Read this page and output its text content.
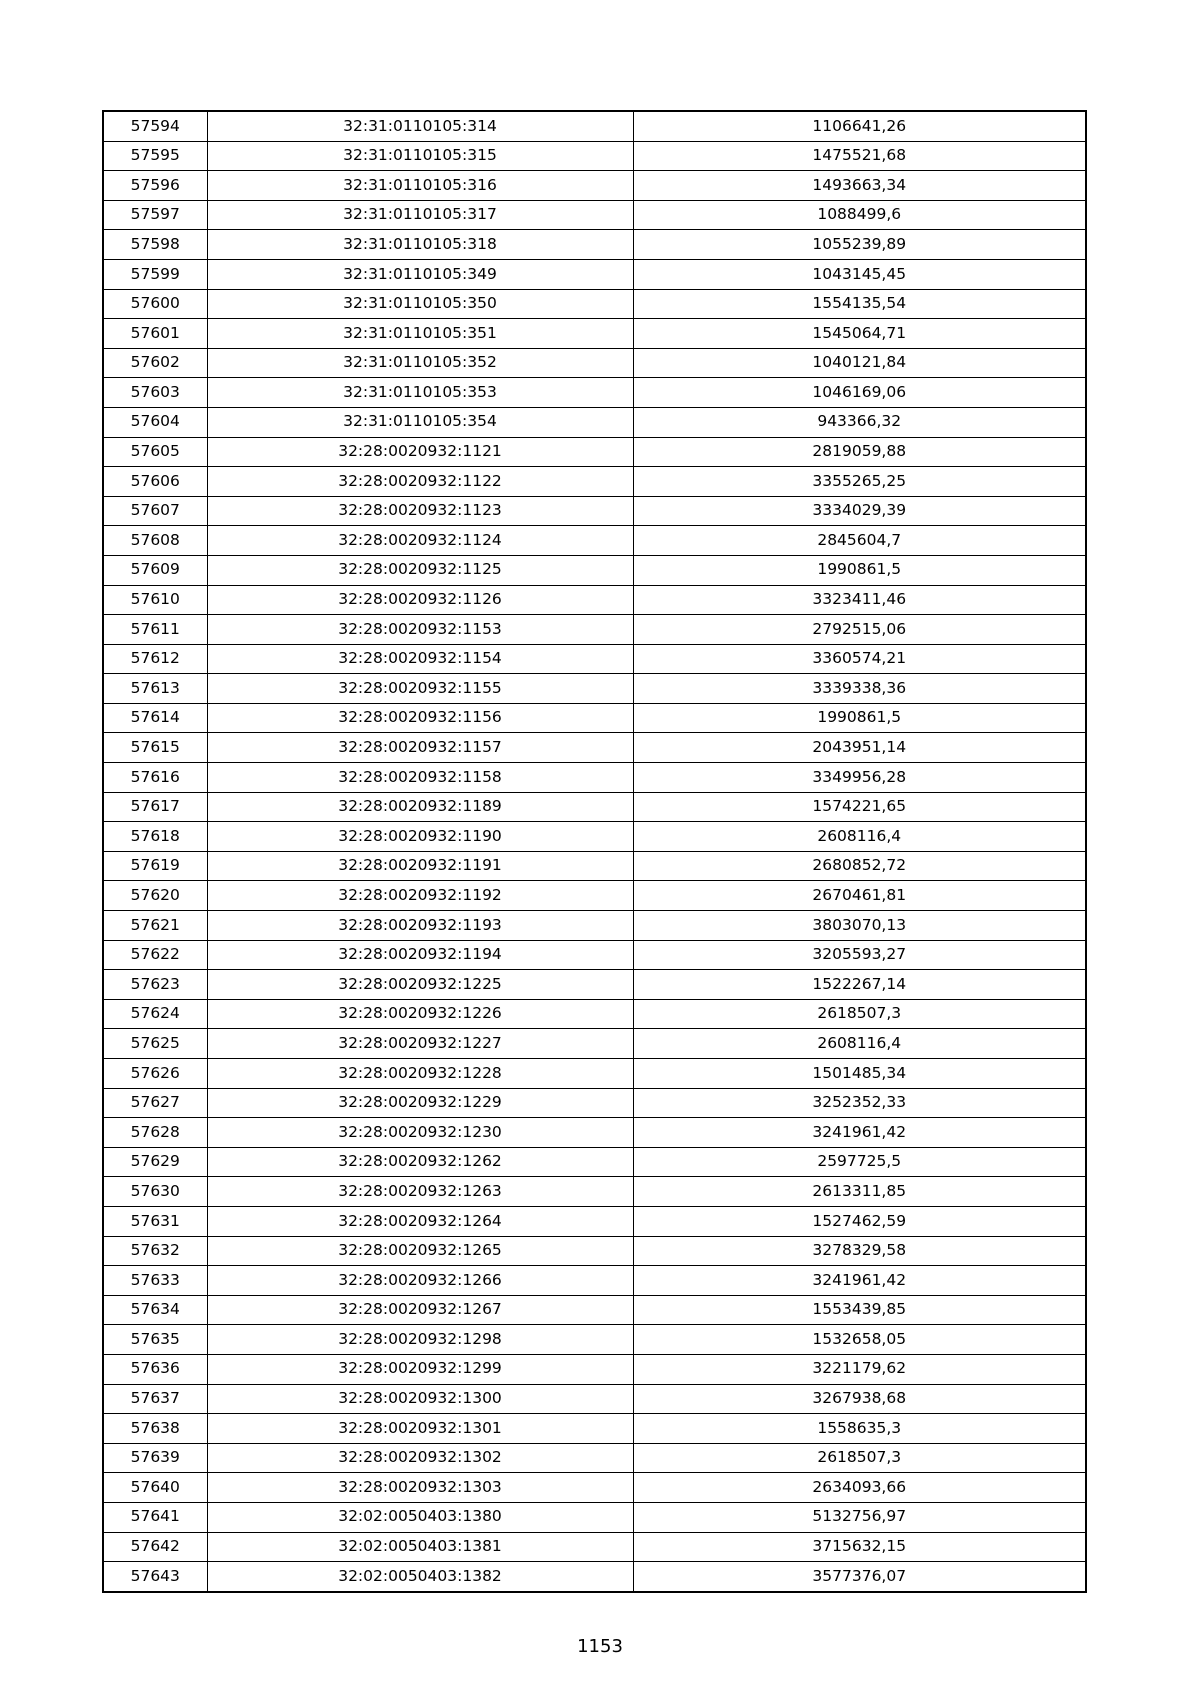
57594	32:31:0110105:314	1106641,26
57595	32:31:0110105:315	1475521,68
57596	32:31:0110105:316	1493663,34
57597	32:31:0110105:317	1088499,6
57598	32:31:0110105:318	1055239,89
57599	32:31:0110105:349	1043145,45
57600	32:31:0110105:350	1554135,54
57601	32:31:0110105:351	1545064,71
57602	32:31:0110105:352	1040121,84
57603	32:31:0110105:353	1046169,06
57604	32:31:0110105:354	943366,32
57605	32:28:0020932:1121	2819059,88
57606	32:28:0020932:1122	3355265,25
57607	32:28:0020932:1123	3334029,39
57608	32:28:0020932:1124	2845604,7
57609	32:28:0020932:1125	1990861,5
57610	32:28:0020932:1126	3323411,46
57611	32:28:0020932:1153	2792515,06
57612	32:28:0020932:1154	3360574,21
57613	32:28:0020932:1155	3339338,36
57614	32:28:0020932:1156	1990861,5
57615	32:28:0020932:1157	2043951,14
57616	32:28:0020932:1158	3349956,28
57617	32:28:0020932:1189	1574221,65
57618	32:28:0020932:1190	2608116,4
57619	32:28:0020932:1191	2680852,72
57620	32:28:0020932:1192	2670461,81
57621	32:28:0020932:1193	3803070,13
57622	32:28:0020932:1194	3205593,27
57623	32:28:0020932:1225	1522267,14
57624	32:28:0020932:1226	2618507,3
57625	32:28:0020932:1227	2608116,4
57626	32:28:0020932:1228	1501485,34
57627	32:28:0020932:1229	3252352,33
57628	32:28:0020932:1230	3241961,42
57629	32:28:0020932:1262	2597725,5
57630	32:28:0020932:1263	2613311,85
57631	32:28:0020932:1264	1527462,59
57632	32:28:0020932:1265	3278329,58
57633	32:28:0020932:1266	3241961,42
57634	32:28:0020932:1267	1553439,85
57635	32:28:0020932:1298	1532658,05
57636	32:28:0020932:1299	3221179,62
57637	32:28:0020932:1300	3267938,68
57638	32:28:0020932:1301	1558635,3
57639	32:28:0020932:1302	2618507,3
57640	32:28:0020932:1303	2634093,66
57641	32:02:0050403:1380	5132756,97
57642	32:02:0050403:1381	3715632,15
57643	32:02:0050403:1382	3577376,07
1153
